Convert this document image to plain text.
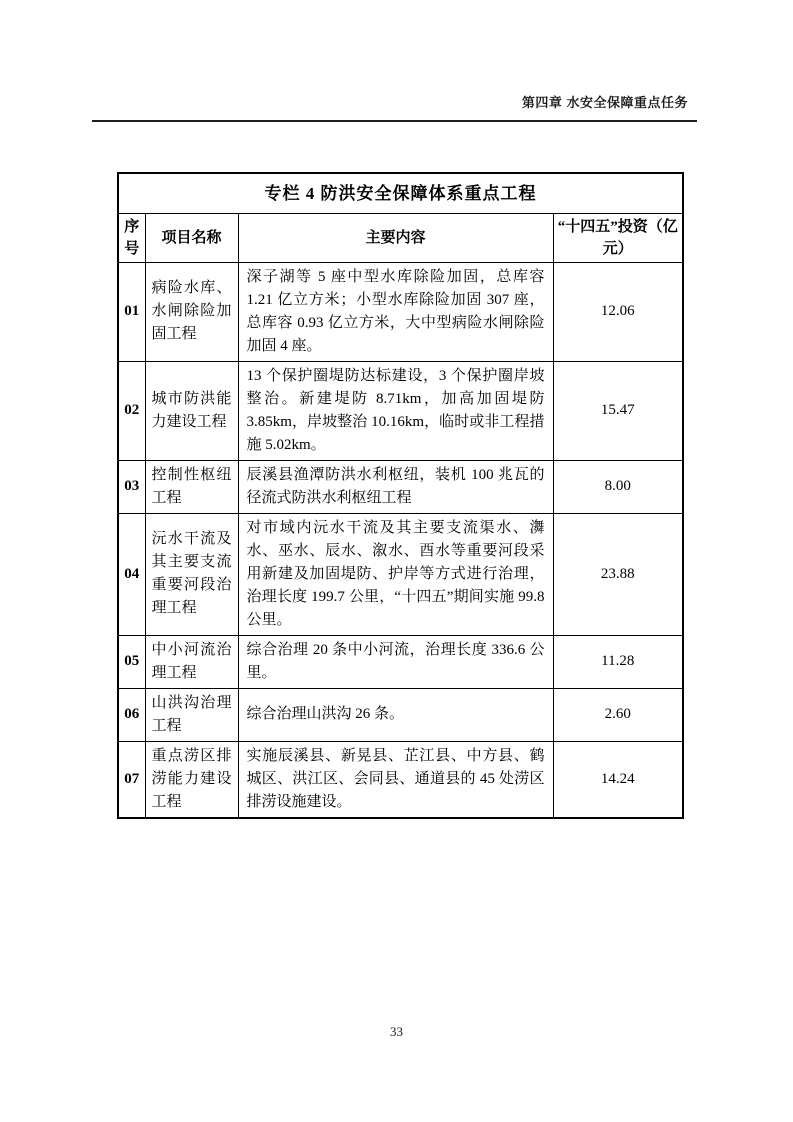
第四章 水安全保障重点任务
专栏 4 防洪安全保障体系重点工程			
序号	项目名称	主要内容	“十四五”投资（亿元）
01	病险水库、水闸除险加固工程	深子湖等 5 座中型水库除险加固，总库容 1.21 亿立方米；小型水库除险加固 307 座，总库容 0.93 亿立方米，大中型病险水闸除险加固 4 座。	12.06
02	城市防洪能力建设工程	13 个保护圈堤防达标建设，3 个保护圈岸坡整治。新建堤防 8.71km，加高加固堤防 3.85km，岸坡整治 10.16km，临时或非工程措施 5.02km。	15.47
03	控制性枢纽工程	辰溪县渔潭防洪水利枢纽，装机 100 兆瓦的径流式防洪水利枢纽工程	8.00
04	沅水干流及其主要支流重要河段治理工程	对市域内沅水干流及其主要支流渠水、㵲水、巫水、辰水、溆水、酉水等重要河段采用新建及加固堤防、护岸等方式进行治理，治理长度 199.7 公里，“十四五”期间实施 99.8 公里。	23.88
05	中小河流治理工程	综合治理 20 条中小河流，治理长度 336.6 公里。	11.28
06	山洪沟治理工程	综合治理山洪沟 26 条。	2.60
07	重点涝区排涝能力建设工程	实施辰溪县、新晃县、芷江县、中方县、鹤城区、洪江区、会同县、通道县的 45 处涝区排涝设施建设。	14.24
33
